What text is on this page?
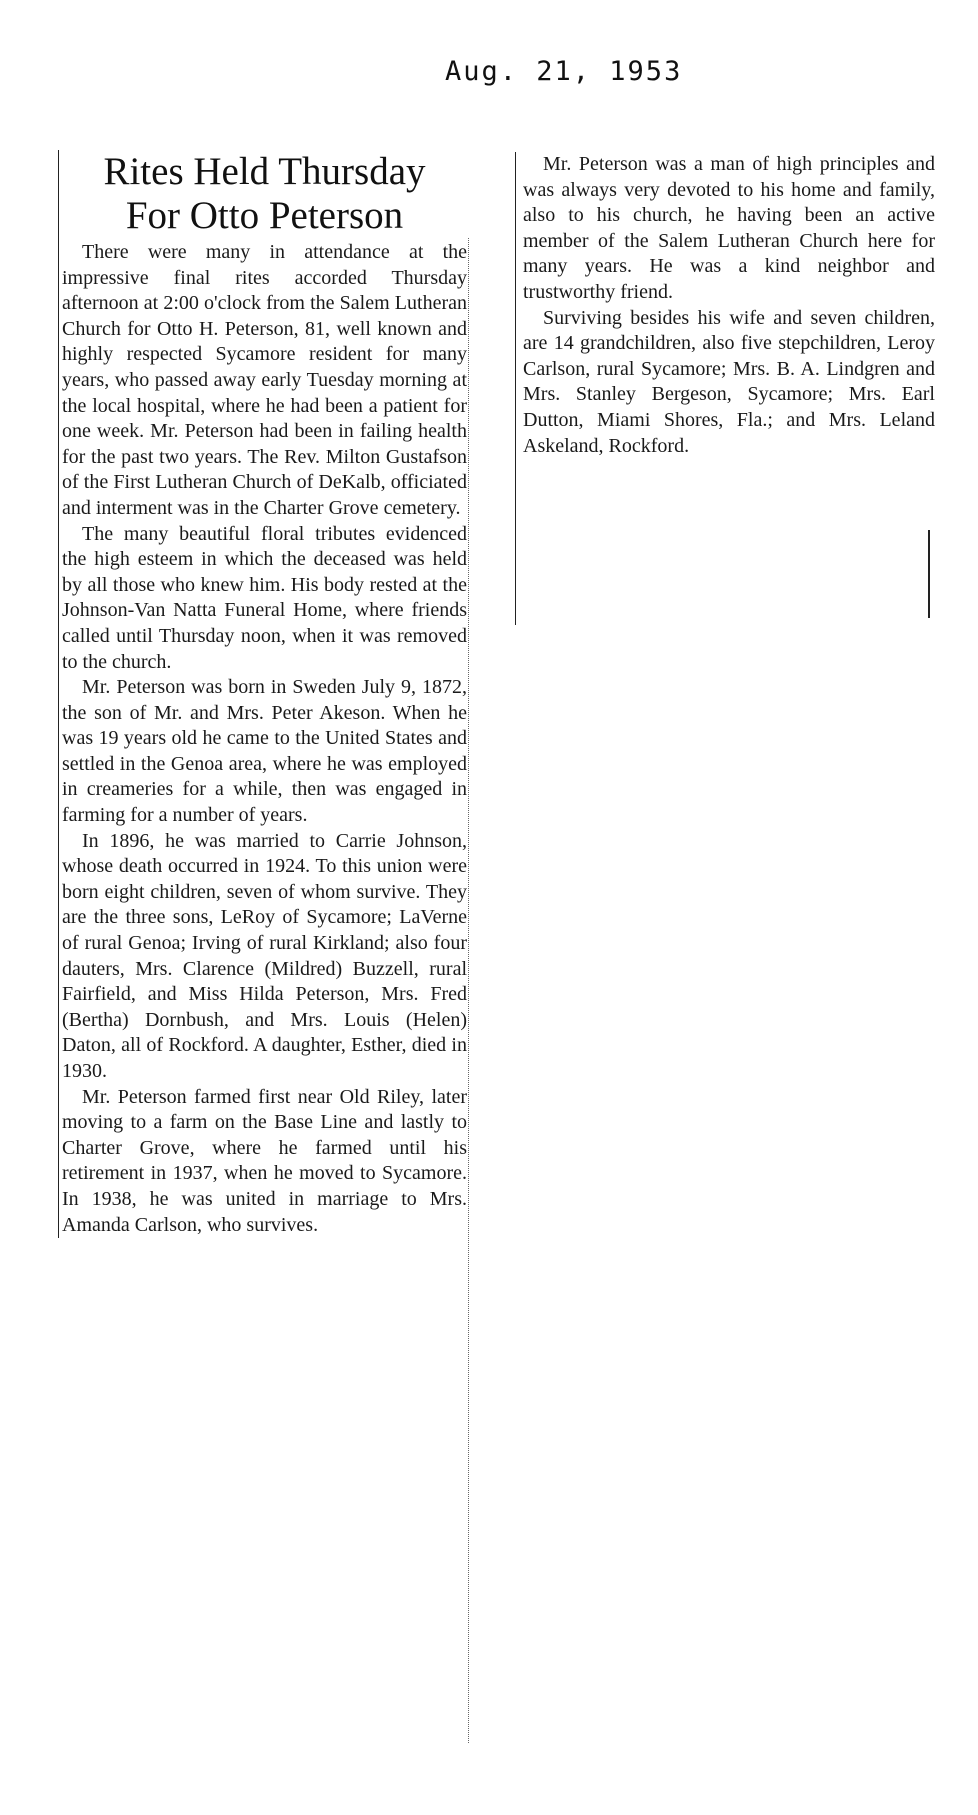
Aug. 21, 1953
Rites Held Thursday
For Otto Peterson

There were many in attendance at the impressive final rites accorded Thursday afternoon at 2:00 o'clock from the Salem Lutheran Church for Otto H. Peterson, 81, well known and highly respected Sycamore resident for many years, who passed away early Tuesday morning at the local hospital, where he had been a patient for one week. Mr. Peterson had been in failing health for the past two years. The Rev. Milton Gustafson of the First Lutheran Church of DeKalb, officiated and interment was in the Charter Grove cemetery.

The many beautiful floral tributes evidenced the high esteem in which the deceased was held by all those who knew him. His body rested at the Johnson-Van Natta Funeral Home, where friends called until Thursday noon, when it was removed to the church.

Mr. Peterson was born in Sweden July 9, 1872, the son of Mr. and Mrs. Peter Akeson. When he was 19 years old he came to the United States and settled in the Genoa area, where he was employed in creameries for a while, then was engaged in farming for a number of years.

In 1896, he was married to Carrie Johnson, whose death occurred in 1924. To this union were born eight children, seven of whom survive. They are the three sons, LeRoy of Sycamore; LaVerne of rural Genoa; Irving of rural Kirkland; also four dauters, Mrs. Clarence (Mildred) Buzzell, rural Fairfield, and Miss Hilda Peterson, Mrs. Fred (Bertha) Dornbush, and Mrs. Louis (Helen) Daton, all of Rockford. A daughter, Esther, died in 1930.

Mr. Peterson farmed first near Old Riley, later moving to a farm on the Base Line and lastly to Charter Grove, where he farmed until his retirement in 1937, when he moved to Sycamore. In 1938, he was united in marriage to Mrs. Amanda Carlson, who survives.

Mr. Peterson was a man of high principles and was always very devoted to his home and family, also to his church, he having been an active member of the Salem Lutheran Church here for many years. He was a kind neighbor and trustworthy friend.

Surviving besides his wife and seven children, are 14 grandchildren, also five stepchildren, Leroy Carlson, rural Sycamore; Mrs. B. A. Lindgren and Mrs. Stanley Bergeson, Sycamore; Mrs. Earl Dutton, Miami Shores, Fla.; and Mrs. Leland Askeland, Rockford.
